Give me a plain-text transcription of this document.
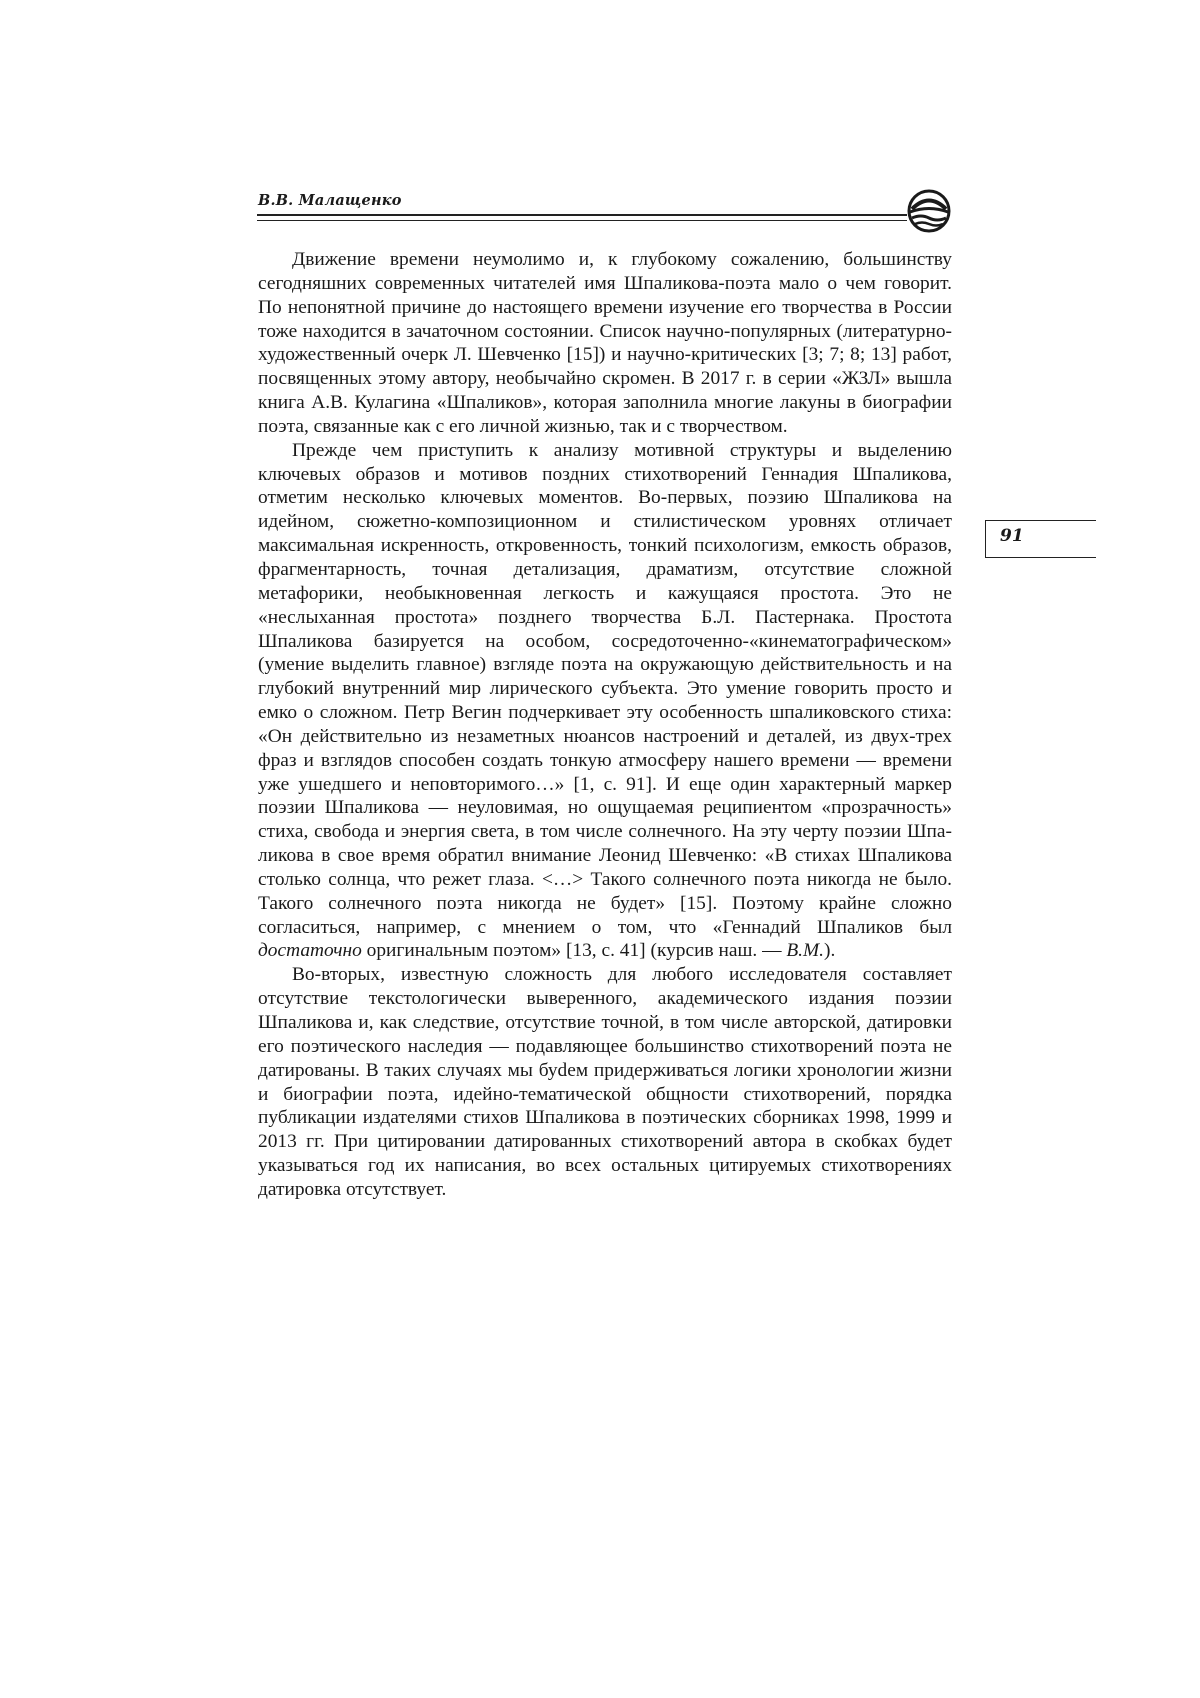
В.В. Малащенко
91

Движение времени неумолимо и, к глубокому сожалению, большинству сегодняшних современных читателей имя Шпаликова-поэта мало о чем говорит. По непонятной причине до настоящего времени изучение его творчества в России тоже находится в зачаточном состоянии. Список научно-популярных (литературно-художественный очерк Л. Шевченко [15]) и научно-критических [3; 7; 8; 13] работ, посвященных этому автору, необычайно скромен. В 2017 г. в серии «ЖЗЛ» вышла книга А.В. Кулагина «Шпаликов», которая заполнила многие лакуны в биографии поэта, связанные как с его личной жизнью, так и с творчеством.

Прежде чем приступить к анализу мотивной структуры и выделению ключевых образов и мотивов поздних стихотворений Геннадия Шпаликова, отметим несколько ключевых моментов. Во-первых, поэзию Шпаликова на идейном, сюжетно-композиционном и стилистическом уровнях отличает максимальная искренность, откровенность, тонкий психологизм, емкость образов, фрагментарность, точная детализация, драматизм, отсутствие сложной метафорики, необыкновенная легкость и кажущаяся простота. Это не «неслыханная простота» позднего творчества Б.Л. Пастернака. Простота Шпаликова базируется на особом, сосредоточенно-«кинематографическом» (умение выделить главное) взгляде поэта на окружающую действительность и на глубокий внутренний мир лирического субъекта. Это умение говорить просто и емко о сложном. Петр Вегин подчеркивает эту особенность шпаликовского стиха: «Он действительно из незаметных нюансов настроений и деталей, из двух-трех фраз и взглядов способен создать тонкую атмосферу нашего времени — времени уже ушедшего и неповторимого…» [1, с. 91]. И еще один характерный маркер поэзии Шпаликова — неуловимая, но ощущаемая реципиентом «прозрачность» стиха, свобода и энергия света, в том числе солнечного. На эту черту поэзии Шпаликова в свое время обратил внимание Леонид Шевченко: «В стихах Шпаликова столько солнца, что режет глаза. <…> Такого солнечного поэта никогда не было. Такого солнечного поэта никогда не будет» [15]. Поэтому крайне сложно согласиться, например, с мнением о том, что «Геннадий Шпаликов был достаточно оригинальным поэтом» [13, с. 41] (курсив наш. — В.М.).

Во-вторых, известную сложность для любого исследователя составляет отсутствие текстологически выверенного, академического издания поэзии Шпаликова и, как следствие, отсутствие точной, в том числе авторской, датировки его поэтического наследия — подавляющее большинство стихотворений поэта не датированы. В таких случаях мы буdем придерживаться логики хронологии жизни и биографии поэта, идейно-тематической общности стихотворений, порядка публикации издателями стихов Шпаликова в поэтических сборниках 1998, 1999 и 2013 гг. При цитировании датированных стихотворений автора в скобках будет указываться год их написания, во всех остальных цитируемых стихотворениях датировка отсутствует.
